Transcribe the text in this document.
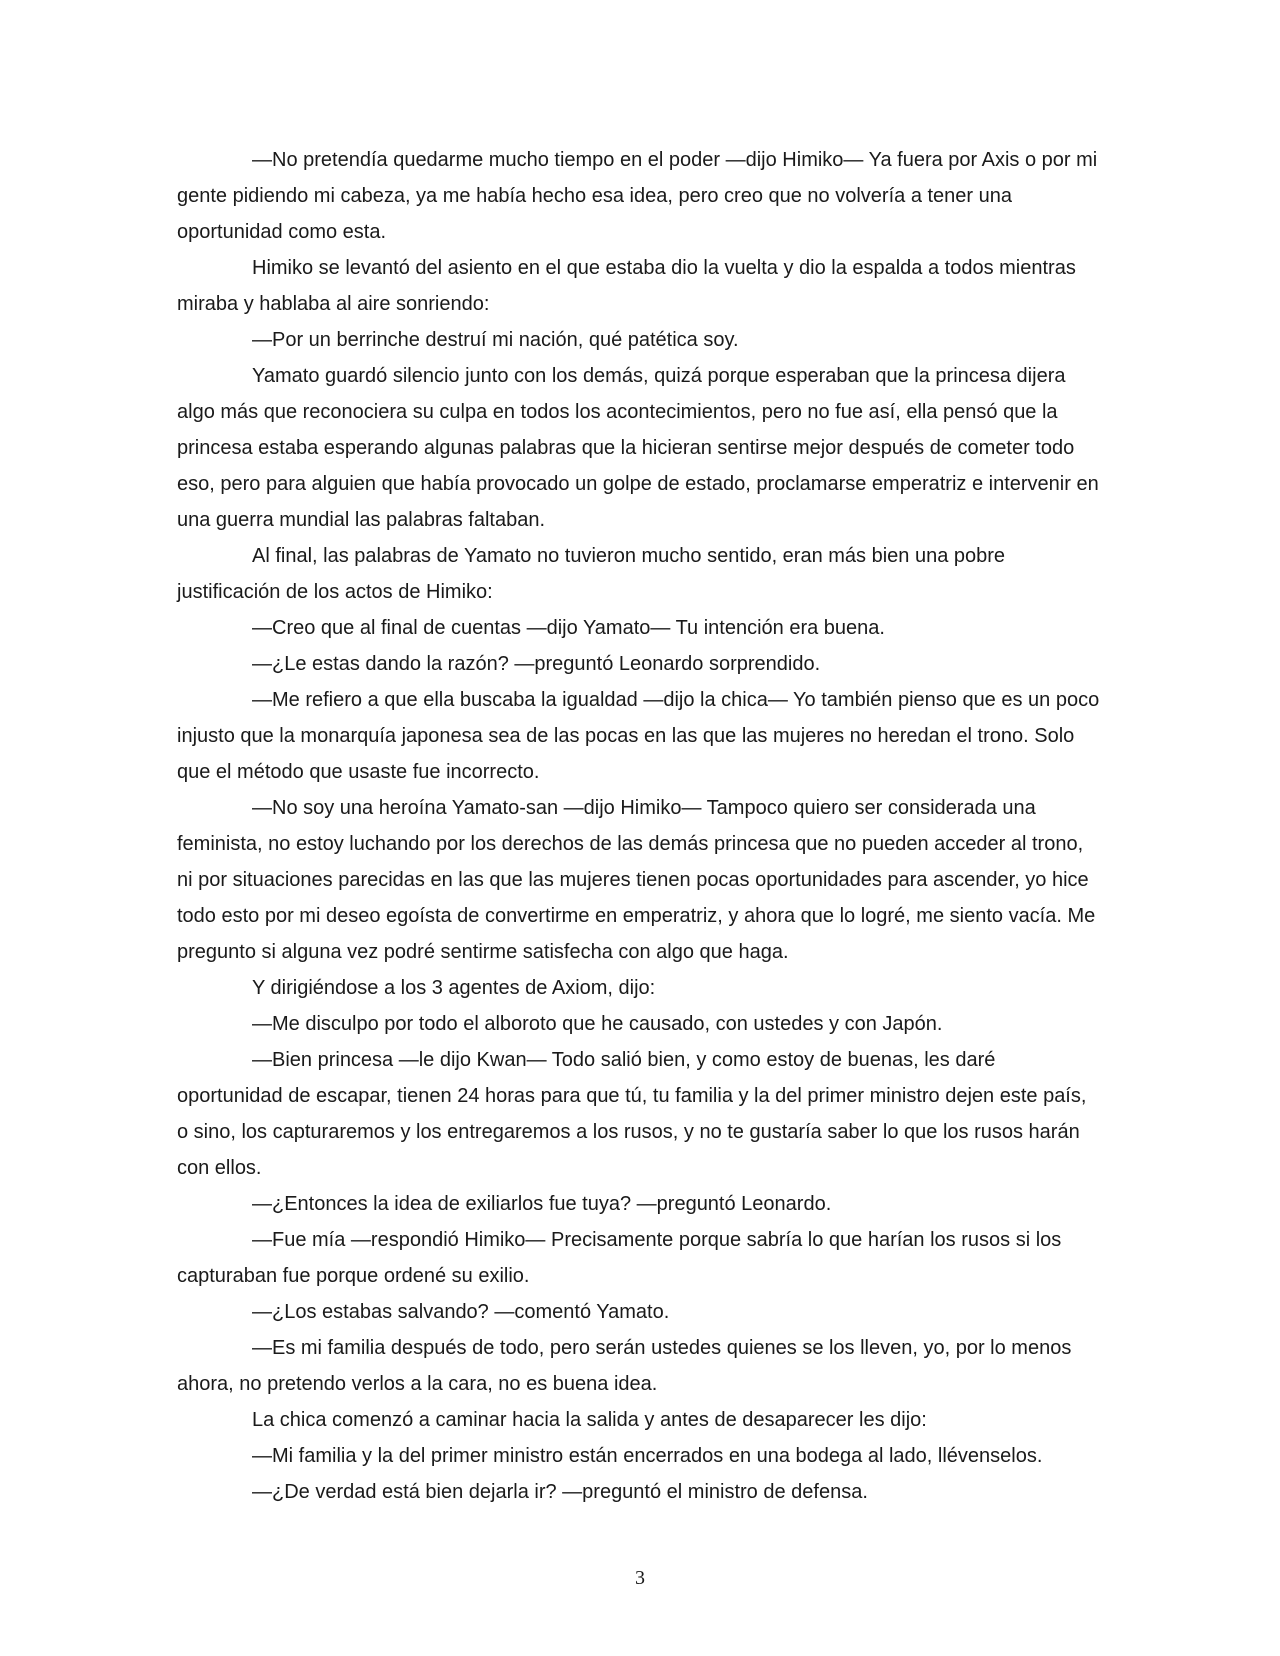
—No pretendía quedarme mucho tiempo en el poder —dijo Himiko— Ya fuera por Axis o por mi gente pidiendo mi cabeza, ya me había hecho esa idea, pero creo que no volvería a tener una oportunidad como esta.

Himiko se levantó del asiento en el que estaba dio la vuelta y dio la espalda a todos mientras miraba y hablaba al aire sonriendo:

—Por un berrinche destruí mi nación, qué patética soy.

Yamato guardó silencio junto con los demás, quizá porque esperaban que la princesa dijera algo más que reconociera su culpa en todos los acontecimientos, pero no fue así, ella pensó que la princesa estaba esperando algunas palabras que la hicieran sentirse mejor después de cometer todo eso, pero para alguien que había provocado un golpe de estado, proclamarse emperatriz e intervenir en una guerra mundial las palabras faltaban.

Al final, las palabras de Yamato no tuvieron mucho sentido, eran más bien una pobre justificación de los actos de Himiko:

—Creo que al final de cuentas —dijo Yamato— Tu intención era buena.

—¿Le estas dando la razón? —preguntó Leonardo sorprendido.

—Me refiero a que ella buscaba la igualdad —dijo la chica— Yo también pienso que es un poco injusto que la monarquía japonesa sea de las pocas en las que las mujeres no heredan el trono. Solo que el método que usaste fue incorrecto.

—No soy una heroína Yamato-san —dijo Himiko— Tampoco quiero ser considerada una feminista, no estoy luchando por los derechos de las demás princesa que no pueden acceder al trono, ni por situaciones parecidas en las que las mujeres tienen pocas oportunidades para ascender, yo hice todo esto por mi deseo egoísta de convertirme en emperatriz, y ahora que lo logré, me siento vacía. Me pregunto si alguna vez podré sentirme satisfecha con algo que haga.

Y dirigiéndose a los 3 agentes de Axiom, dijo:

—Me disculpo por todo el alboroto que he causado, con ustedes y con Japón.

—Bien princesa —le dijo Kwan— Todo salió bien, y como estoy de buenas, les daré oportunidad de escapar, tienen 24 horas para que tú, tu familia y la del primer ministro dejen este país, o sino, los capturaremos y los entregaremos a los rusos, y no te gustaría saber lo que los rusos harán con ellos.

—¿Entonces la idea de exiliarlos fue tuya? —preguntó Leonardo.

—Fue mía —respondió Himiko— Precisamente porque sabría lo que harían los rusos si los capturaban fue porque ordené su exilio.

—¿Los estabas salvando? —comentó Yamato.

—Es mi familia después de todo, pero serán ustedes quienes se los lleven, yo, por lo menos ahora, no pretendo verlos a la cara, no es buena idea.

La chica comenzó a caminar hacia la salida y antes de desaparecer les dijo:

—Mi familia y la del primer ministro están encerrados en una bodega al lado, llévenselos.

—¿De verdad está bien dejarla ir? —preguntó el ministro de defensa.

3
